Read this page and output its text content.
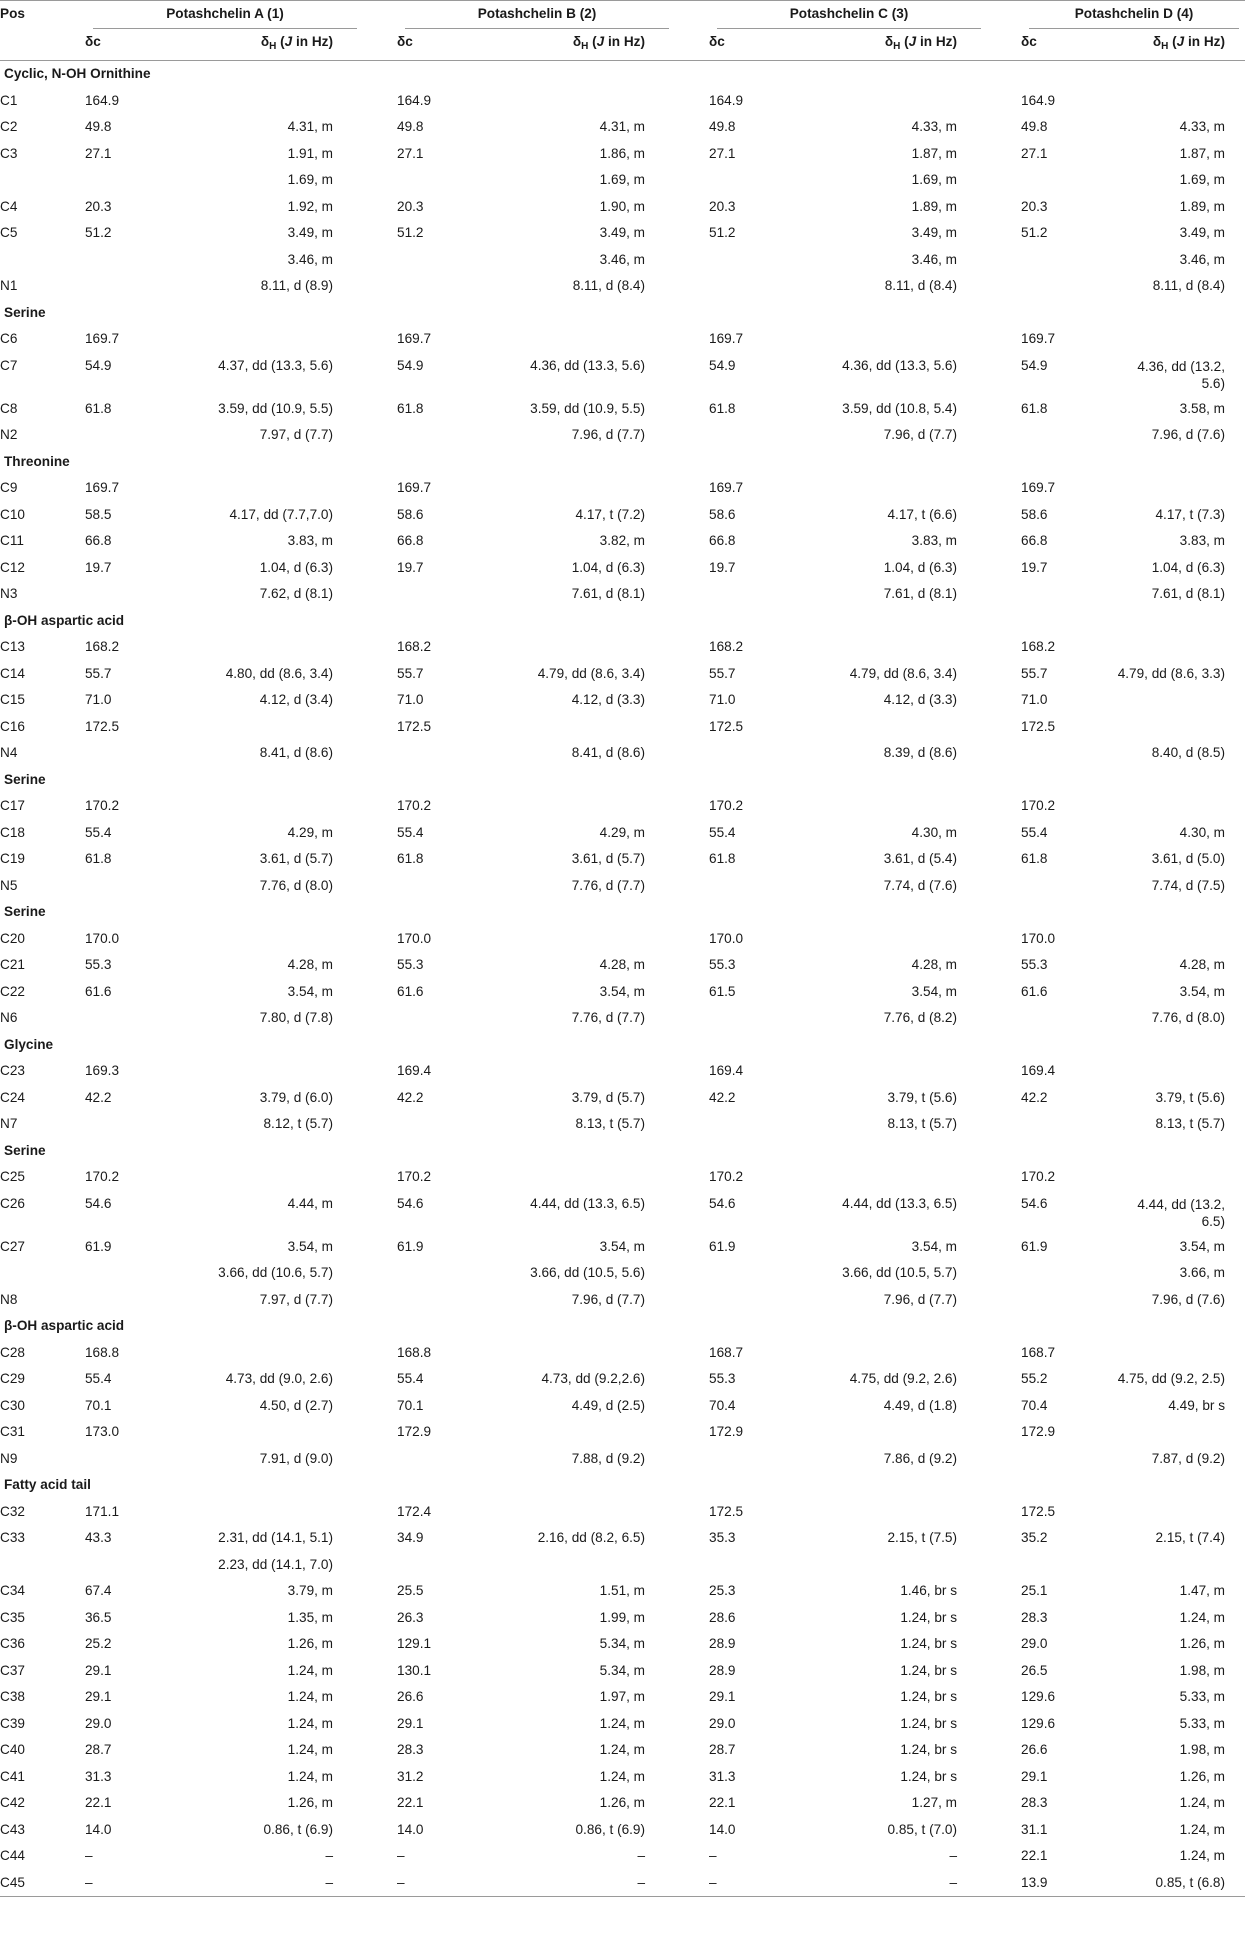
Pos	Potashchelin A (1)			Potashchelin B (2)			Potashchelin C (3)			Potashchelin D (4)	

	δc	$\delta_H$ (J in Hz)		δc	$\delta_H$ (J in Hz)		δc	$\delta_H$ (J in Hz)		δc	$\delta_H$ (J in Hz)
Cyclic, N-OH Ornithine											
C1	164.9			164.9			164.9			164.9	
C2	49.8	4.31, m		49.8	4.31, m		49.8	4.33, m		49.8	4.33, m
C3	27.1	1.91, m		27.1	1.86, m		27.1	1.87, m		27.1	1.87, m
		1.69, m			1.69, m			1.69, m			1.69, m
C4	20.3	1.92, m		20.3	1.90, m		20.3	1.89, m		20.3	1.89, m
C5	51.2	3.49, m		51.2	3.49, m		51.2	3.49, m		51.2	3.49, m
		3.46, m			3.46, m			3.46, m			3.46, m
N1		8.11, d (8.9)			8.11, d (8.4)			8.11, d (8.4)			8.11, d (8.4)
Serine											
C6	169.7			169.7			169.7			169.7	
C7	54.9	4.37, dd (13.3, 5.6)		54.9	4.36, dd (13.3, 5.6)		54.9	4.36, dd (13.3, 5.6)		54.9	4.36, dd (13.2,
5.6)
C8	61.8	3.59, dd (10.9, 5.5)		61.8	3.59, dd (10.9, 5.5)		61.8	3.59, dd (10.8, 5.4)		61.8	3.58, m
N2		7.97, d (7.7)			7.96, d (7.7)			7.96, d (7.7)			7.96, d (7.6)
Threonine											
C9	169.7			169.7			169.7			169.7	
C10	58.5	4.17, dd (7.7,7.0)		58.6	4.17, t (7.2)		58.6	4.17, t (6.6)		58.6	4.17, t (7.3)
C11	66.8	3.83, m		66.8	3.82, m		66.8	3.83, m		66.8	3.83, m
C12	19.7	1.04, d (6.3)		19.7	1.04, d (6.3)		19.7	1.04, d (6.3)		19.7	1.04, d (6.3)
N3		7.62, d (8.1)			7.61, d (8.1)			7.61, d (8.1)			7.61, d (8.1)
β-OH aspartic acid											
C13	168.2			168.2			168.2			168.2	
C14	55.7	4.80, dd (8.6, 3.4)		55.7	4.79, dd (8.6, 3.4)		55.7	4.79, dd (8.6, 3.4)		55.7	4.79, dd (8.6, 3.3)
C15	71.0	4.12, d (3.4)		71.0	4.12, d (3.3)		71.0	4.12, d (3.3)		71.0	
C16	172.5			172.5			172.5			172.5	
N4		8.41, d (8.6)			8.41, d (8.6)			8.39, d (8.6)			8.40, d (8.5)
Serine											
C17	170.2			170.2			170.2			170.2	
C18	55.4	4.29, m		55.4	4.29, m		55.4	4.30, m		55.4	4.30, m
C19	61.8	3.61, d (5.7)		61.8	3.61, d (5.7)		61.8	3.61, d (5.4)		61.8	3.61, d (5.0)
N5		7.76, d (8.0)			7.76, d (7.7)			7.74, d (7.6)			7.74, d (7.5)
Serine											
C20	170.0			170.0			170.0			170.0	
C21	55.3	4.28, m		55.3	4.28, m		55.3	4.28, m		55.3	4.28, m
C22	61.6	3.54, m		61.6	3.54, m		61.5	3.54, m		61.6	3.54, m
N6		7.80, d (7.8)			7.76, d (7.7)			7.76, d (8.2)			7.76, d (8.0)
Glycine											
C23	169.3			169.4			169.4			169.4	
C24	42.2	3.79, d (6.0)		42.2	3.79, d (5.7)		42.2	3.79, t (5.6)		42.2	3.79, t (5.6)
N7		8.12, t (5.7)			8.13, t (5.7)			8.13, t (5.7)			8.13, t (5.7)
Serine											
C25	170.2			170.2			170.2			170.2	
C26	54.6	4.44, m		54.6	4.44, dd (13.3, 6.5)		54.6	4.44, dd (13.3, 6.5)		54.6	4.44, dd (13.2,
6.5)
C27	61.9	3.54, m		61.9	3.54, m		61.9	3.54, m		61.9	3.54, m
		3.66, dd (10.6, 5.7)			3.66, dd (10.5, 5.6)			3.66, dd (10.5, 5.7)			3.66, m
N8		7.97, d (7.7)			7.96, d (7.7)			7.96, d (7.7)			7.96, d (7.6)
β-OH aspartic acid											
C28	168.8			168.8			168.7			168.7	
C29	55.4	4.73, dd (9.0, 2.6)		55.4	4.73, dd (9.2,2.6)		55.3	4.75, dd (9.2, 2.6)		55.2	4.75, dd (9.2, 2.5)
C30	70.1	4.50, d (2.7)		70.1	4.49, d (2.5)		70.4	4.49, d (1.8)		70.4	4.49, br s
C31	173.0			172.9			172.9			172.9	
N9		7.91, d (9.0)			7.88, d (9.2)			7.86, d (9.2)			7.87, d (9.2)
Fatty acid tail											
C32	171.1			172.4			172.5			172.5	
C33	43.3	2.31, dd (14.1, 5.1)		34.9	2.16, dd (8.2, 6.5)		35.3	2.15, t (7.5)		35.2	2.15, t (7.4)
		2.23, dd (14.1, 7.0)									
C34	67.4	3.79, m		25.5	1.51, m		25.3	1.46, br s		25.1	1.47, m
C35	36.5	1.35, m		26.3	1.99, m		28.6	1.24, br s		28.3	1.24, m
C36	25.2	1.26, m		129.1	5.34, m		28.9	1.24, br s		29.0	1.26, m
C37	29.1	1.24, m		130.1	5.34, m		28.9	1.24, br s		26.5	1.98, m
C38	29.1	1.24, m		26.6	1.97, m		29.1	1.24, br s		129.6	5.33, m
C39	29.0	1.24, m		29.1	1.24, m		29.0	1.24, br s		129.6	5.33, m
C40	28.7	1.24, m		28.3	1.24, m		28.7	1.24, br s		26.6	1.98, m
C41	31.3	1.24, m		31.2	1.24, m		31.3	1.24, br s		29.1	1.26, m
C42	22.1	1.26, m		22.1	1.26, m		22.1	1.27, m		28.3	1.24, m
C43	14.0	0.86, t (6.9)		14.0	0.86, t (6.9)		14.0	0.85, t (7.0)		31.1	1.24, m
C44	–	–		–	–		–	–		22.1	1.24, m
C45	–	–		–	–		–	–		13.9	0.85, t (6.8)
